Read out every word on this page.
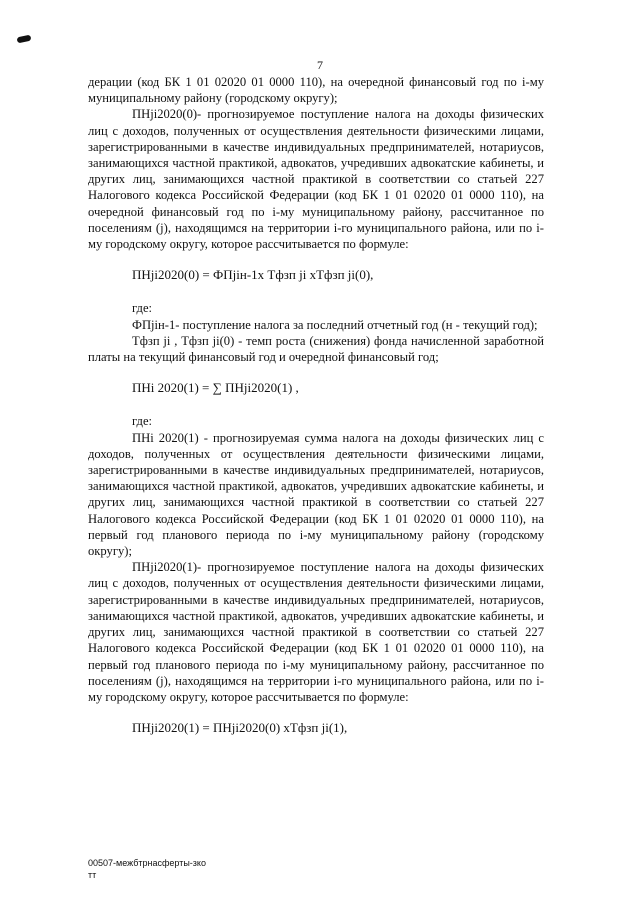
7

дерации (код БК 1 01 02020 01 0000 110), на очередной финансовый год по і-му муниципальному району (городскому округу);

ПНјі2020(0)- прогнозируемое поступление налога на доходы физических лиц с доходов, полученных от осуществления деятельности физическими лицами, зарегистрированными в качестве индивидуальных предпринимателей, нотариусов, занимающихся частной практикой, адвокатов, учредивших адвокатские кабинеты, и других лиц, занимающихся частной практикой в соответствии со статьей 227 Налогового кодекса Российской Федерации (код БК 1 01 02020 01 0000 110), на очередной финансовый год по і-му муниципальному району, рассчитанное по поселениям (j), находящимся на территории і-го муниципального района, или по і-му городскому округу, которое рассчитывается по формуле:

ПНјі2020(0) = ФПјін-1х Тфзп јі хТфзп јі(0),

где:

ФПјін-1- поступление налога за последний отчетный год (н - текущий год);

Тфзп јі , Тфзп јі(0) - темп роста (снижения) фонда начисленной заработной платы на текущий финансовый год и очередной финансовый год;

ПНі 2020(1) = ∑ ПНјі2020(1) ,

где:

ПНі 2020(1) - прогнозируемая сумма налога на доходы физических лиц с доходов, полученных от осуществления деятельности физическими лицами, зарегистрированными в качестве индивидуальных предпринимателей, нотариусов, занимающихся частной практикой, адвокатов, учредивших адвокатские кабинеты, и других лиц, занимающихся частной практикой в соответствии со статьей 227 Налогового кодекса Российской Федерации (код БК 1 01 02020 01 0000 110), на первый год планового периода по і-му муниципальному району (городскому округу);

ПНјі2020(1)- прогнозируемое поступление налога на доходы физических лиц с доходов, полученных от осуществления деятельности физическими лицами, зарегистрированными в качестве индивидуальных предпринимателей, нотариусов, занимающихся частной практикой, адвокатов, учредивших адвокатские кабинеты, и других лиц, занимающихся частной практикой в соответствии со статьей 227 Налогового кодекса Российской Федерации (код БК 1 01 02020 01 0000 110), на первый год планового периода по і-му муниципальному району, рассчитанное по поселениям (j), находящимся на территории і-го муниципального района, или по і-му городскому округу, которое рассчитывается по формуле:

ПНјі2020(1) = ПНјі2020(0) хТфзп јі(1),

00507-межбтрнасферты-зко
тт
